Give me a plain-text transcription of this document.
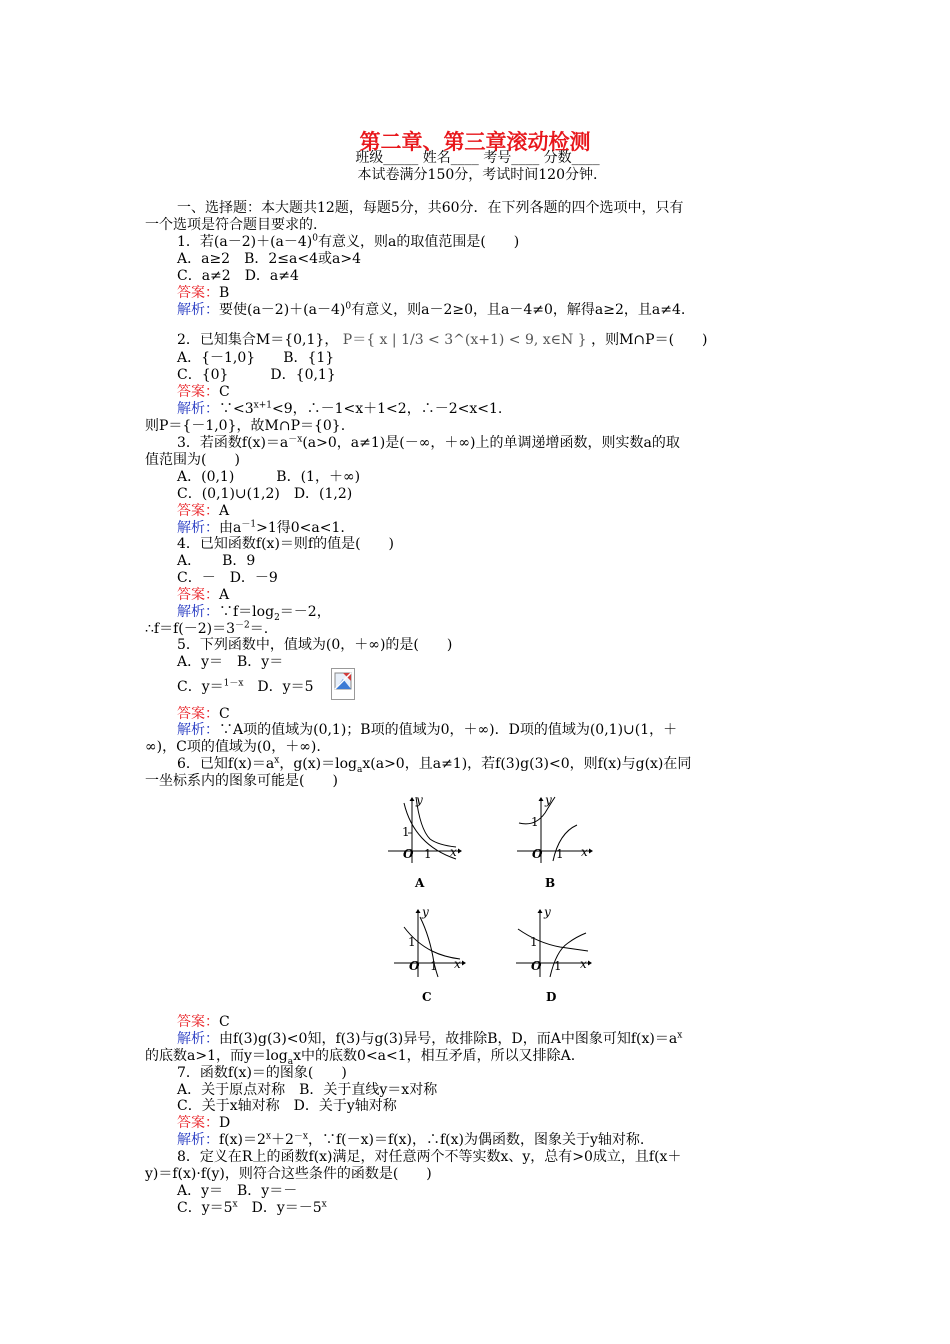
第二章、第三章滚动检测
班级_____ 姓名____ 考号____ 分数____
本试卷满分150分，考试时间120分钟.
一、选择题：本大题共12题，每题5分，共60分．在下列各题的四个选项中，只有
一个选项是符合题目要求的.
1．若$(a-2)+(a-4)^0$有意义，则a的取值范围是(　　)
A．a≥2　B．2≤a<4或a>4
C．a≠2　D．a≠4
答案：B
解析：要使$(a-2)+(a-4)^0$有意义，则a－2≥0，且a－4≠0，解得a≥2，且a≠4.
2．已知集合M＝{0,1}， P＝{ x | 1/3 < 3^(x+1) < 9, x∈N } ，则M∩P＝(　　)
A．{－1,0}　　B．{1}
C．{0}　　　D．{0,1}
答案：C
解析：$\because<3^{x+1}<9$，∴－1<x＋1<2，∴－2<x<1.
则P＝{－1,0}，故M∩P＝{0}.
3．若函数$f(x)=a^{-x}(a>0$，a≠1)是(－∞，＋∞)上的单调递增函数，则实数a的取
值范围为(　　)
A．(0,1)　　　B．(1，＋∞)
C．(0,1)∪(1,2)　D．(1,2)
答案：A
解析：由$a^{-1}>1$得0<a<1.
4．已知函数f(x)＝则f的值是(　　)
A．　　B．9
C．－　D．－9
答案：A
解析：$\because f=\log_2=-2$，
$\therefore f=f(-2)=3^{-2}=$.
5．下列函数中，值域为(0，＋∞)的是(　　)
A．y＝　B．y＝
C．y＝$^{1-x}$　D．y＝5
答案：C
解析：∵A项的值域为(0,1)；B项的值域为0，＋∞)．D项的值域为(0,1)∪(1，＋
∞)，C项的值域为(0，＋∞).
6．已知$f(x)=a^x$，$g(x)=\log_ax(a>0$，且a≠1)，若f(3)g(3)<0，则f(x)与g(x)在同
一坐标系内的图象可能是(　　)
O
1
1 x
y
A
O
1
1 x
y
B
O
1
1 x
y
C
O
1
1 x
y
D
答案：C
解析：由f(3)g(3)<0知，f(3)与g(3)异号，故排除B，D，而A中图象可知$f(x)=a^x$
的底数a>1，而$y=\log_ax$中的底数0<a<1，相互矛盾，所以又排除A.
7．函数f(x)＝的图象(　　)
A．关于原点对称　B．关于直线y＝x对称
C．关于x轴对称　D．关于y轴对称
答案：D
解析：$f(x)=2^x+2^{-x}$，∵f(－x)＝f(x)，∴f(x)为偶函数，图象关于y轴对称.
8．定义在R上的函数f(x)满足，对任意两个不等实数x、y，总有>0成立，且f(x＋
y)＝f(x)·f(y)，则符合这些条件的函数是(　　)
A．y＝　B．y＝－
C．$y=5^x$　D．$y=-5^x$
